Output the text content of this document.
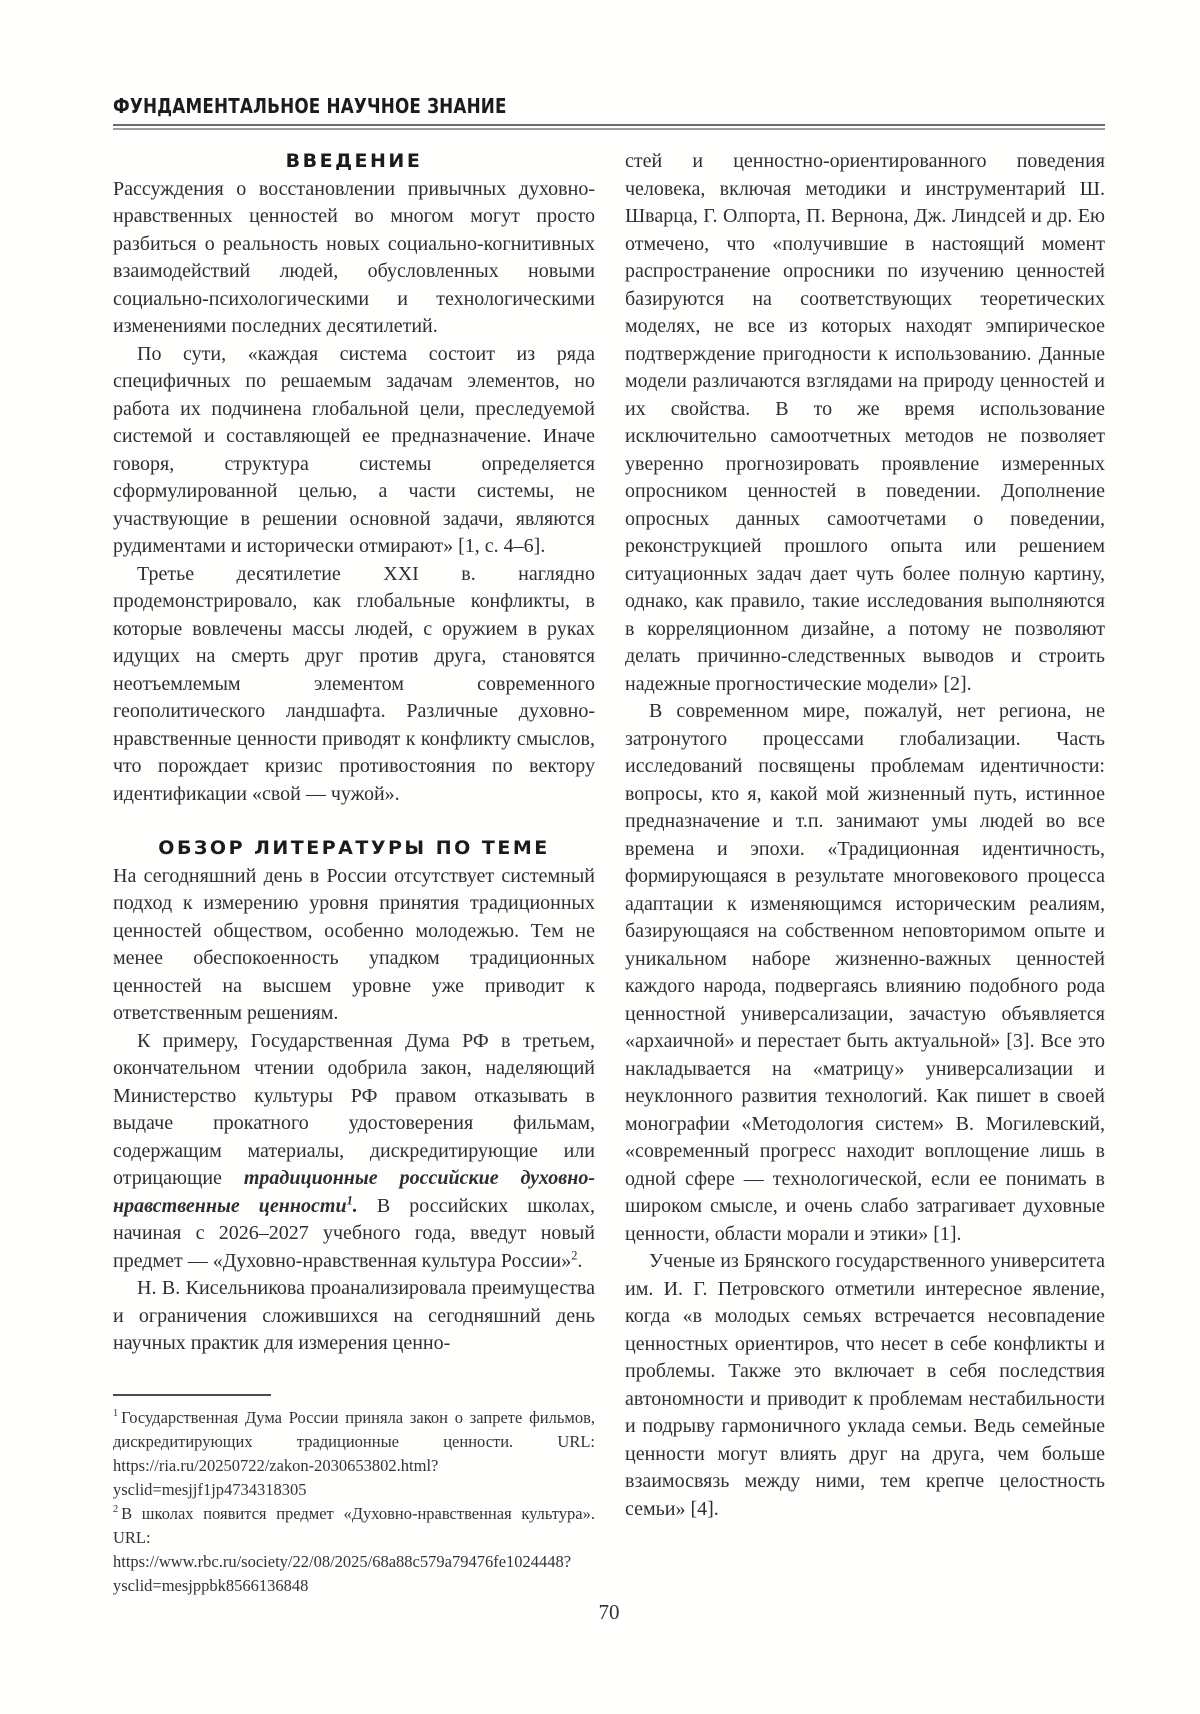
ФУНДАМЕНТАЛЬНОЕ НАУЧНОЕ ЗНАНИЕ
ВВЕДЕНИЕ

Рассуждения о восстановлении привычных духовно-нравственных ценностей во многом могут просто разбиться о реальность новых социально-когнитивных взаимодействий людей, обусловленных новыми социально-психологическими и технологическими изменениями последних десятилетий.

По сути, «каждая система состоит из ряда специфичных по решаемым задачам элементов, но работа их подчинена глобальной цели, преследуемой системой и составляющей ее предназначение. Иначе говоря, структура системы определяется сформулированной целью, а части системы, не участвующие в решении основной задачи, являются рудиментами и исторически отмирают» [1, с. 4–6].

Третье десятилетие XXI в. наглядно продемонстрировало, как глобальные конфликты, в которые вовлечены массы людей, с оружием в руках идущих на смерть друг против друга, становятся неотъемлемым элементом современного геополитического ландшафта. Различные духовно-нравственные ценности приводят к конфликту смыслов, что порождает кризис противостояния по вектору идентификации «свой — чужой».

ОБЗОР ЛИТЕРАТУРЫ ПО ТЕМЕ

На сегодняшний день в России отсутствует системный подход к измерению уровня принятия традиционных ценностей обществом, особенно молодежью. Тем не менее обеспокоенность упадком традиционных ценностей на высшем уровне уже приводит к ответственным решениям.

К примеру, Государственная Дума РФ в третьем, окончательном чтении одобрила закон, наделяющий Министерство культуры РФ правом отказывать в выдаче прокатного удостоверения фильмам, содержащим материалы, дискредитирующие или отрицающие традиционные российские духовно-нравственные ценности$^1$. В российских школах, начиная с 2026–2027 учебного года, введут новый предмет — «Духовно-нравственная культура России»$^2$.

Н. В. Кисельникова проанализировала преимущества и ограничения сложившихся на сегодняшний день научных практик для измерения ценно-

$^1$ Государственная Дума России приняла закон о запрете фильмов, дискредитирующих традиционные ценности. URL: https://ria.ru/20250722/zakon-2030653802.html?ysclid=mesjjf1jp4734318305

$^2$ В школах появится предмет «Духовно-нравственная культура». URL: https://www.rbc.ru/society/22/08/2025/68a88c579a79476fe1024448?ysclid=mesjppbk8566136848

стей и ценностно-ориентированного поведения человека, включая методики и инструментарий Ш. Шварца, Г. Олпорта, П. Вернона, Дж. Линдсей и др. Ею отмечено, что «получившие в настоящий момент распространение опросники по изучению ценностей базируются на соответствующих теоретических моделях, не все из которых находят эмпирическое подтверждение пригодности к использованию. Данные модели различаются взглядами на природу ценностей и их свойства. В то же время использование исключительно самоотчетных методов не позволяет уверенно прогнозировать проявление измеренных опросником ценностей в поведении. Дополнение опросных данных самоотчетами о поведении, реконструкцией прошлого опыта или решением ситуационных задач дает чуть более полную картину, однако, как правило, такие исследования выполняются в корреляционном дизайне, а потому не позволяют делать причинно-следственных выводов и строить надежные прогностические модели» [2].

В современном мире, пожалуй, нет региона, не затронутого процессами глобализации. Часть исследований посвящены проблемам идентичности: вопросы, кто я, какой мой жизненный путь, истинное предназначение и т.п. занимают умы людей во все времена и эпохи. «Традиционная идентичность, формирующаяся в результате многовекового процесса адаптации к изменяющимся историческим реалиям, базирующаяся на собственном неповторимом опыте и уникальном наборе жизненно-важных ценностей каждого народа, подвергаясь влиянию подобного рода ценностной универсализации, зачастую объявляется «архаичной» и перестает быть актуальной» [3]. Все это накладывается на «матрицу» универсализации и неуклонного развития технологий. Как пишет в своей монографии «Методология систем» В. Могилевский, «современный прогресс находит воплощение лишь в одной сфере — технологической, если ее понимать в широком смысле, и очень слабо затрагивает духовные ценности, области морали и этики» [1].

Ученые из Брянского государственного университета им. И. Г. Петровского отметили интересное явление, когда «в молодых семьях встречается несовпадение ценностных ориентиров, что несет в себе конфликты и проблемы. Также это включает в себя последствия автономности и приводит к проблемам нестабильности и подрыву гармоничного уклада семьи. Ведь семейные ценности могут влиять друг на друга, чем больше взаимосвязь между ними, тем крепче целостность семьи» [4].

70
